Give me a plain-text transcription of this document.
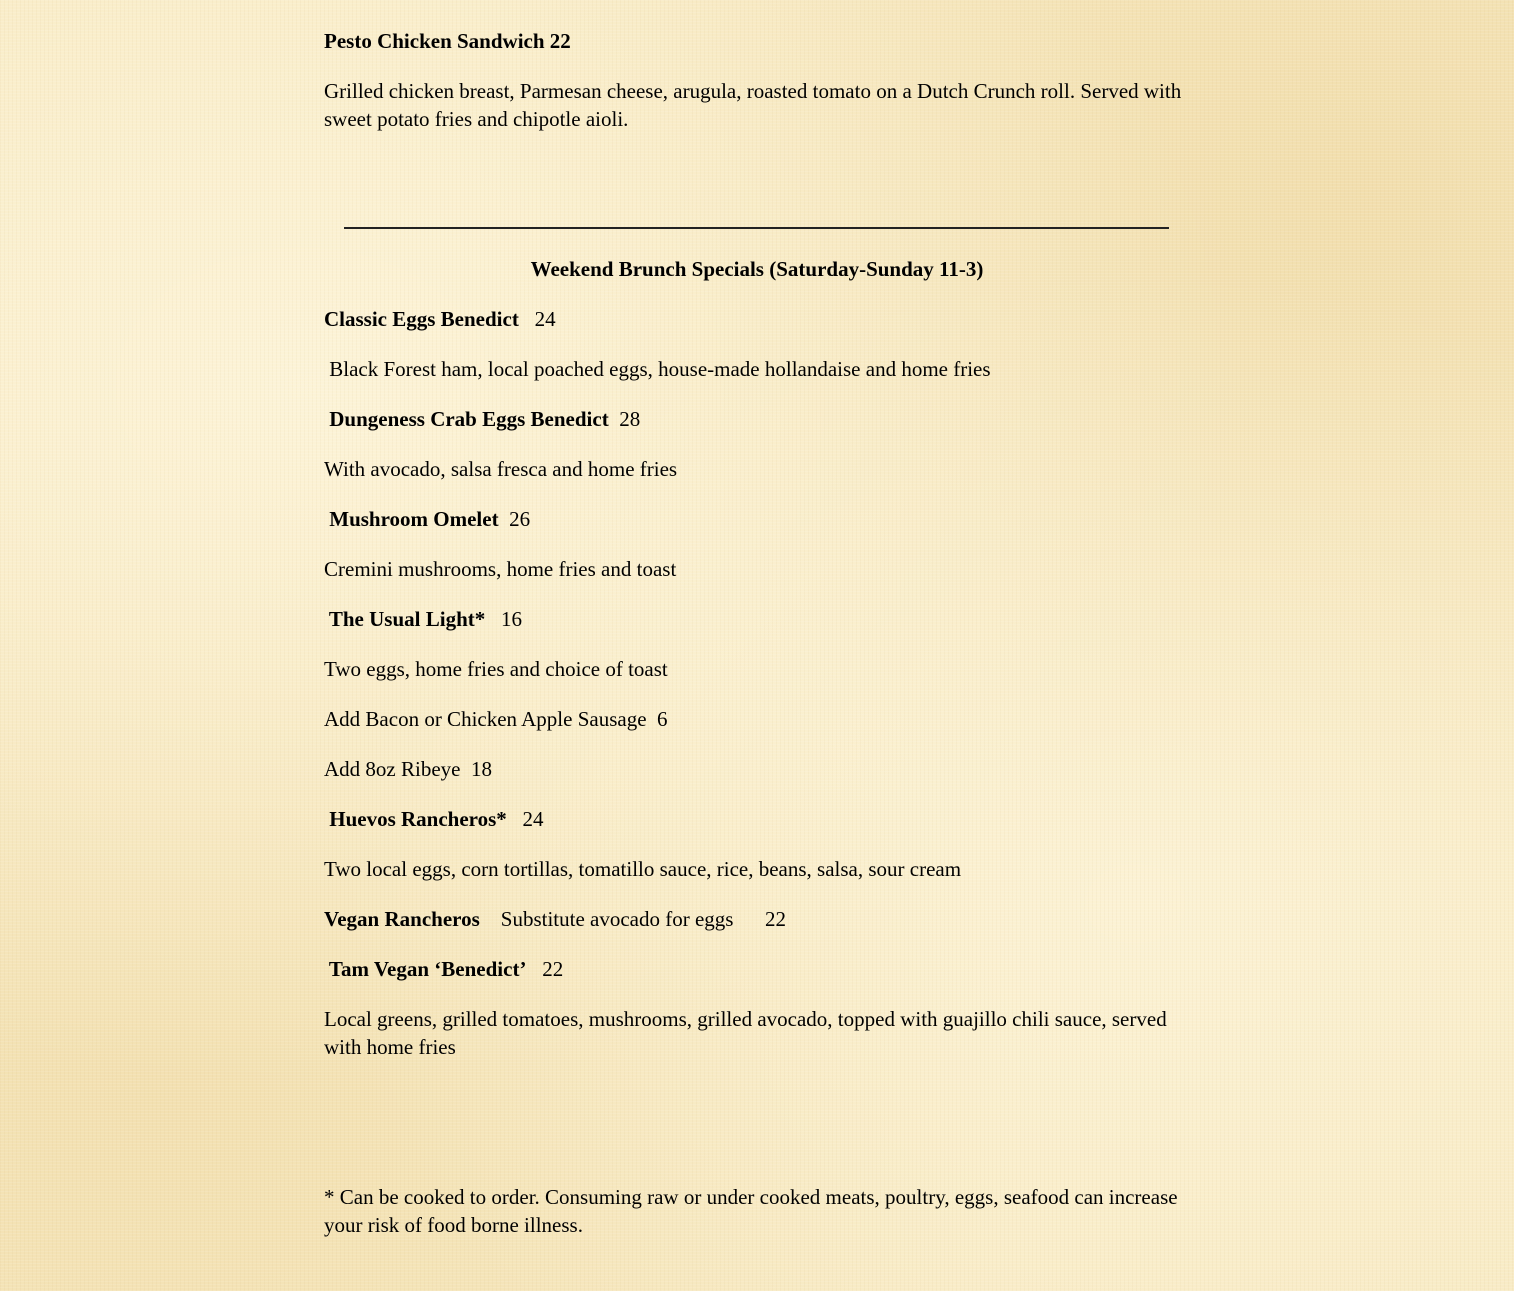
Pesto Chicken Sandwich 22
Grilled chicken breast, Parmesan cheese, arugula, roasted tomato on a Dutch Crunch roll. Served with sweet potato fries and chipotle aioli.
Weekend Brunch Specials (Saturday-Sunday 11-3)
Classic Eggs Benedict   24
Black Forest ham, local poached eggs, house-made hollandaise and home fries
Dungeness Crab Eggs Benedict  28
With avocado, salsa fresca and home fries
Mushroom Omelet  26
Cremini mushrooms, home fries and toast
The Usual Light*   16
Two eggs, home fries and choice of toast
Add Bacon or Chicken Apple Sausage  6
Add 8oz Ribeye  18
Huevos Rancheros*   24
Two local eggs, corn tortillas, tomatillo sauce, rice, beans, salsa, sour cream
Vegan Rancheros    Substitute avocado for eggs      22
Tam Vegan ‘Benedict’   22
Local greens, grilled tomatoes, mushrooms, grilled avocado, topped with guajillo chili sauce, served with home fries
* Can be cooked to order. Consuming raw or under cooked meats, poultry, eggs, seafood can increase your risk of food borne illness.
